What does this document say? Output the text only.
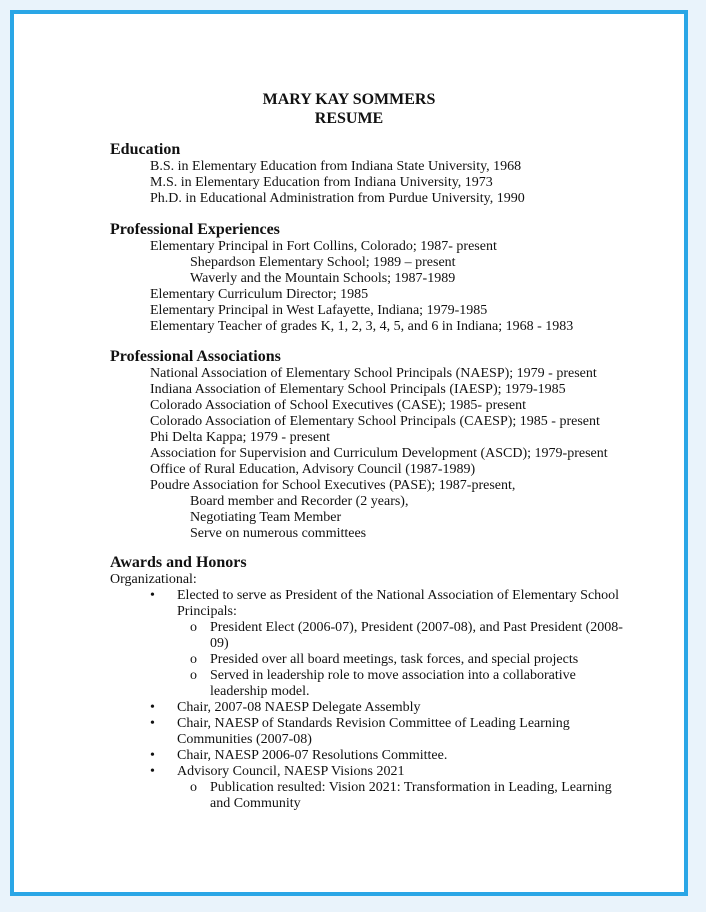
MARY KAY SOMMERS
RESUME
Education
B.S. in Elementary Education from Indiana State University, 1968
M.S. in Elementary Education from Indiana University, 1973
Ph.D. in Educational Administration from Purdue University, 1990
Professional Experiences
Elementary Principal in Fort Collins, Colorado; 1987- present
Shepardson Elementary School; 1989 – present
Waverly and the Mountain Schools; 1987-1989
Elementary Curriculum Director; 1985
Elementary Principal in West Lafayette, Indiana; 1979-1985
Elementary Teacher of grades K, 1, 2, 3, 4, 5, and 6 in Indiana; 1968 - 1983
Professional Associations
National Association of Elementary School Principals (NAESP); 1979 - present
Indiana Association of Elementary School Principals (IAESP); 1979-1985
Colorado Association of School Executives (CASE); 1985- present
Colorado Association of Elementary School Principals (CAESP); 1985 - present
Phi Delta Kappa; 1979 - present
Association for Supervision and Curriculum Development (ASCD); 1979-present
Office of Rural Education, Advisory Council (1987-1989)
Poudre Association for School Executives (PASE); 1987-present,
Board member and Recorder (2 years),
Negotiating Team Member
Serve on numerous committees
Awards and Honors
Organizational:
• Elected to serve as President of the National Association of Elementary School
Principals:
o President Elect (2006-07), President (2007-08), and Past President (2008-
09)
o Presided over all board meetings, task forces, and special projects
o Served in leadership role to move association into a collaborative
leadership model.
• Chair, 2007-08 NAESP Delegate Assembly
• Chair, NAESP of Standards Revision Committee of Leading Learning
Communities (2007-08)
• Chair, NAESP 2006-07 Resolutions Committee.
• Advisory Council, NAESP Visions 2021
o Publication resulted: Vision 2021: Transformation in Leading, Learning
and Community
